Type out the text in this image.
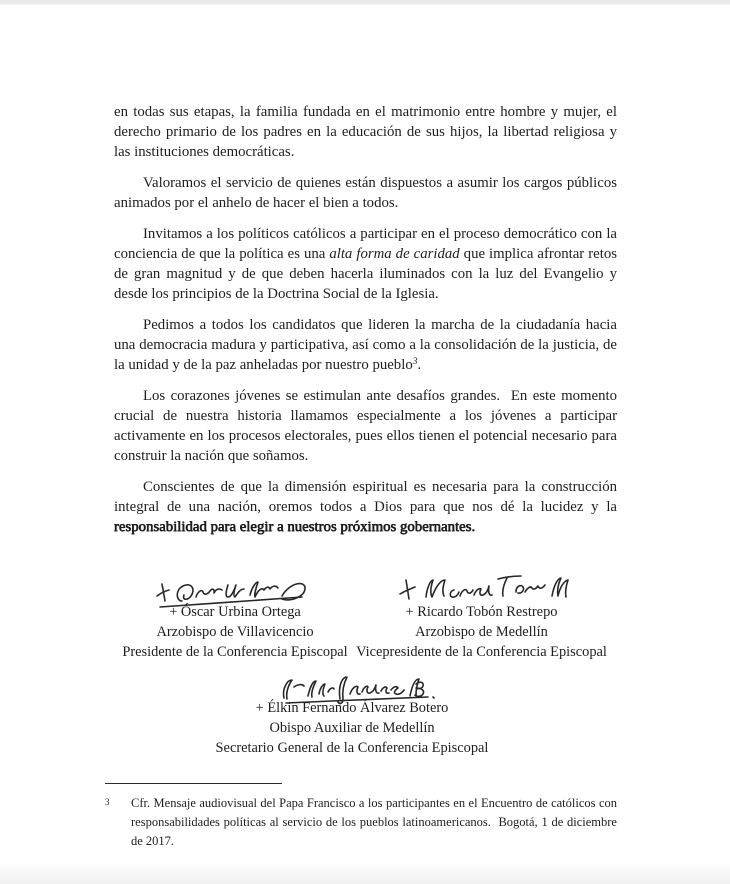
en todas sus etapas, la familia fundada en el matrimonio entre hombre y mujer, el derecho primario de los padres en la educación de sus hijos, la libertad religiosa y las instituciones democráticas.

Valoramos el servicio de quienes están dispuestos a asumir los cargos públicos animados por el anhelo de hacer el bien a todos.

Invitamos a los políticos católicos a participar en el proceso democrático con la conciencia de que la política es una alta forma de caridad que implica afrontar retos de gran magnitud y de que deben hacerla iluminados con la luz del Evangelio y desde los principios de la Doctrina Social de la Iglesia.

Pedimos a todos los candidatos que lideren la marcha de la ciudadanía hacia una democracia madura y participativa, así como a la consolidación de la justicia, de la unidad y de la paz anheladas por nuestro pueblo$^3$.

Los corazones jóvenes se estimulan ante desafíos grandes.  En este momento crucial de nuestra historia llamamos especialmente a los jóvenes a participar activamente en los procesos electorales, pues ellos tienen el potencial necesario para construir la nación que soñamos.

Conscientes de que la dimensión espiritual es necesaria para la construcción integral de una nación, oremos todos a Dios para que nos dé la lucidez y la responsabilidad para elegir a nuestros próximos gobernantes.

+ Óscar Urbina Ortega
Arzobispo de Villavicencio
Presidente de la Conferencia Episcopal
+ Ricardo Tobón Restrepo
Arzobispo de Medellín
Vicepresidente de la Conferencia Episcopal
+ Élkin Fernando Álvarez Botero
Obispo Auxiliar de Medellín
Secretario General de la Conferencia Episcopal
3	Cfr. Mensaje audiovisual del Papa Francisco a los participantes en el Encuentro de católicos con responsabilidades políticas al servicio de los pueblos latinoamericanos.  Bogotá, 1 de diciembre de 2017.
